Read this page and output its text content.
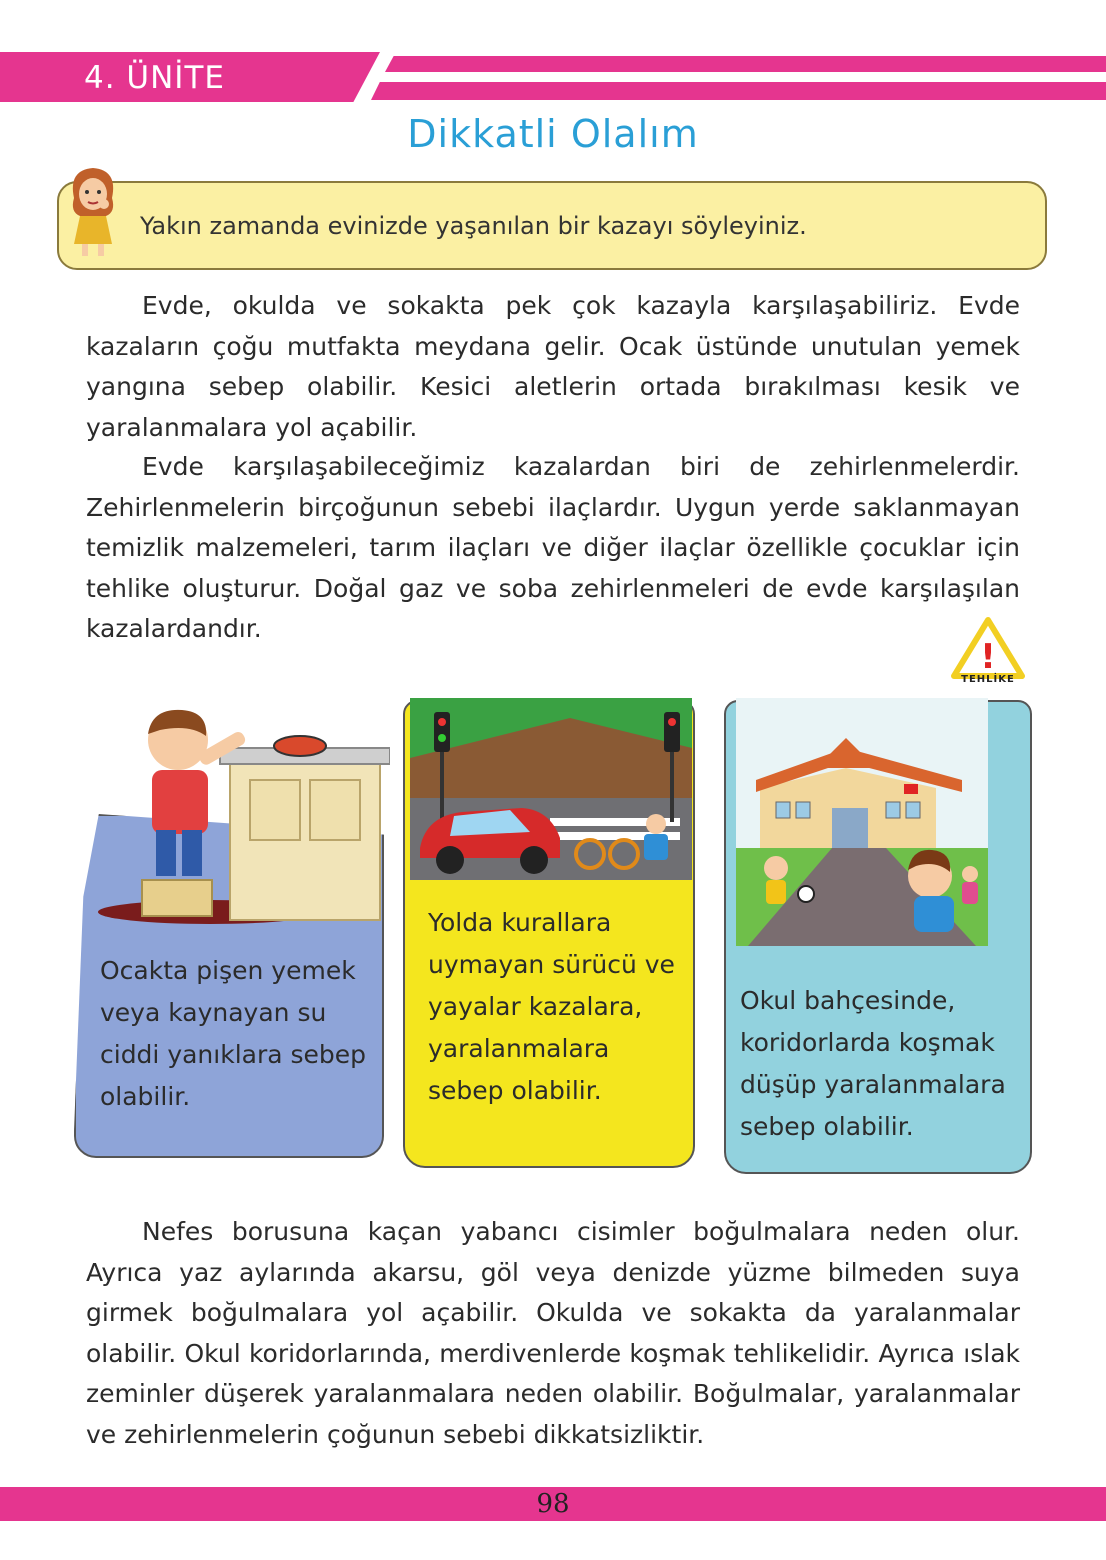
4. ÜNİTE
Dikkatli Olalım
Yakın zamanda evinizde yaşanılan bir kazayı söyleyiniz.
Evde, okulda ve sokakta pek çok kazayla karşılaşabiliriz. Evde kazaların çoğu mutfakta meydana gelir. Ocak üstünde unutulan yemek yangına sebep olabilir. Kesici aletlerin ortada bırakılması kesik ve yaralanmalara yol açabilir.
Evde karşılaşabileceğimiz kazalardan biri de zehirlenmelerdir. Zehirlenmelerin birçoğunun sebebi ilaçlardır. Uygun yerde saklanmayan temizlik malzemeleri, tarım ilaçları ve diğer ilaçlar özellikle çocuklar için tehlike oluşturur. Doğal gaz ve soba zehirlenmeleri de evde karşılaşılan kazalardandır.
!
TEHLİKE
Ocakta pişen yemek veya kaynayan su ciddi yanıklara sebep olabilir.
Yolda kurallara uymayan sürücü ve yayalar kazalara, yaralanmalara sebep olabilir.
Okul bahçesinde, koridorlarda koşmak düşüp yaralanmalara sebep olabilir.
Nefes borusuna kaçan yabancı cisimler boğulmalara neden olur. Ayrıca yaz aylarında akarsu, göl veya denizde yüzme bilmeden suya girmek boğulmalara yol açabilir. Okulda ve sokakta da yaralanmalar olabilir. Okul koridorlarında, merdivenlerde koşmak tehlikelidir. Ayrıca ıslak zeminler düşerek yaralanmalara neden olabilir. Boğulmalar, yaralanmalar ve zehirlenmelerin çoğunun sebebi dikkatsizliktir.
98
